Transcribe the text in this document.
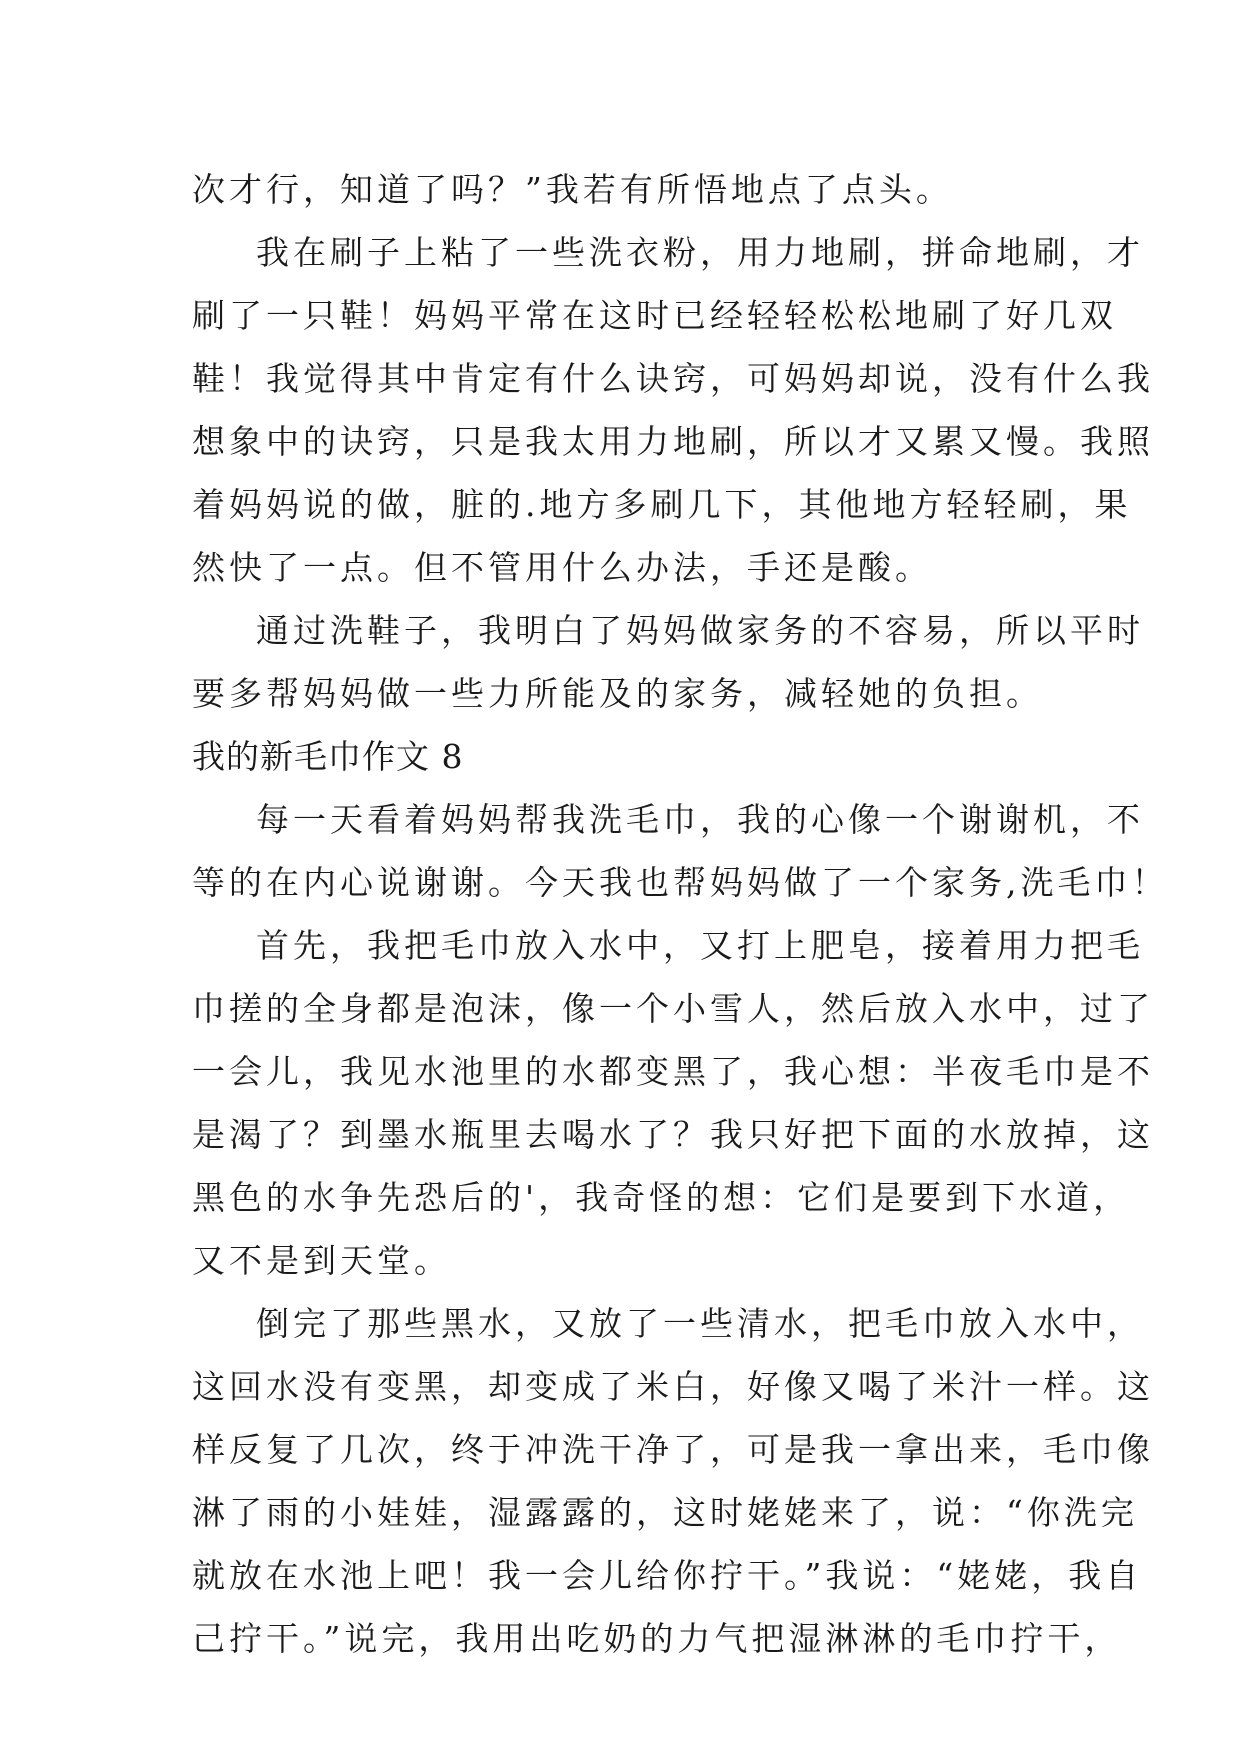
次才行，知道了吗？”我若有所悟地点了点头。
我在刷子上粘了一些洗衣粉，用力地刷，拼命地刷，才
刷了一只鞋！妈妈平常在这时已经轻轻松松地刷了好几双
鞋！我觉得其中肯定有什么诀窍，可妈妈却说，没有什么我
想象中的诀窍，只是我太用力地刷，所以才又累又慢。我照
着妈妈说的做，脏的.地方多刷几下，其他地方轻轻刷，果
然快了一点。但不管用什么办法，手还是酸。
通过洗鞋子，我明白了妈妈做家务的不容易，所以平时
要多帮妈妈做一些力所能及的家务，减轻她的负担。
我的新毛巾作文 8
每一天看着妈妈帮我洗毛巾，我的心像一个谢谢机，不
等的在内心说谢谢。今天我也帮妈妈做了一个家务,洗毛巾！
首先，我把毛巾放入水中，又打上肥皂，接着用力把毛
巾搓的全身都是泡沫，像一个小雪人，然后放入水中，过了
一会儿，我见水池里的水都变黑了，我心想：半夜毛巾是不
是渴了？到墨水瓶里去喝水了？我只好把下面的水放掉，这
黑色的水争先恐后的'，我奇怪的想：它们是要到下水道，
又不是到天堂。
倒完了那些黑水，又放了一些清水，把毛巾放入水中，
这回水没有变黑，却变成了米白，好像又喝了米汁一样。这
样反复了几次，终于冲洗干净了，可是我一拿出来，毛巾像
淋了雨的小娃娃，湿露露的，这时姥姥来了，说：“你洗完
就放在水池上吧！我一会儿给你拧干。”我说：“姥姥，我自
己拧干。”说完，我用出吃奶的力气把湿淋淋的毛巾拧干，
